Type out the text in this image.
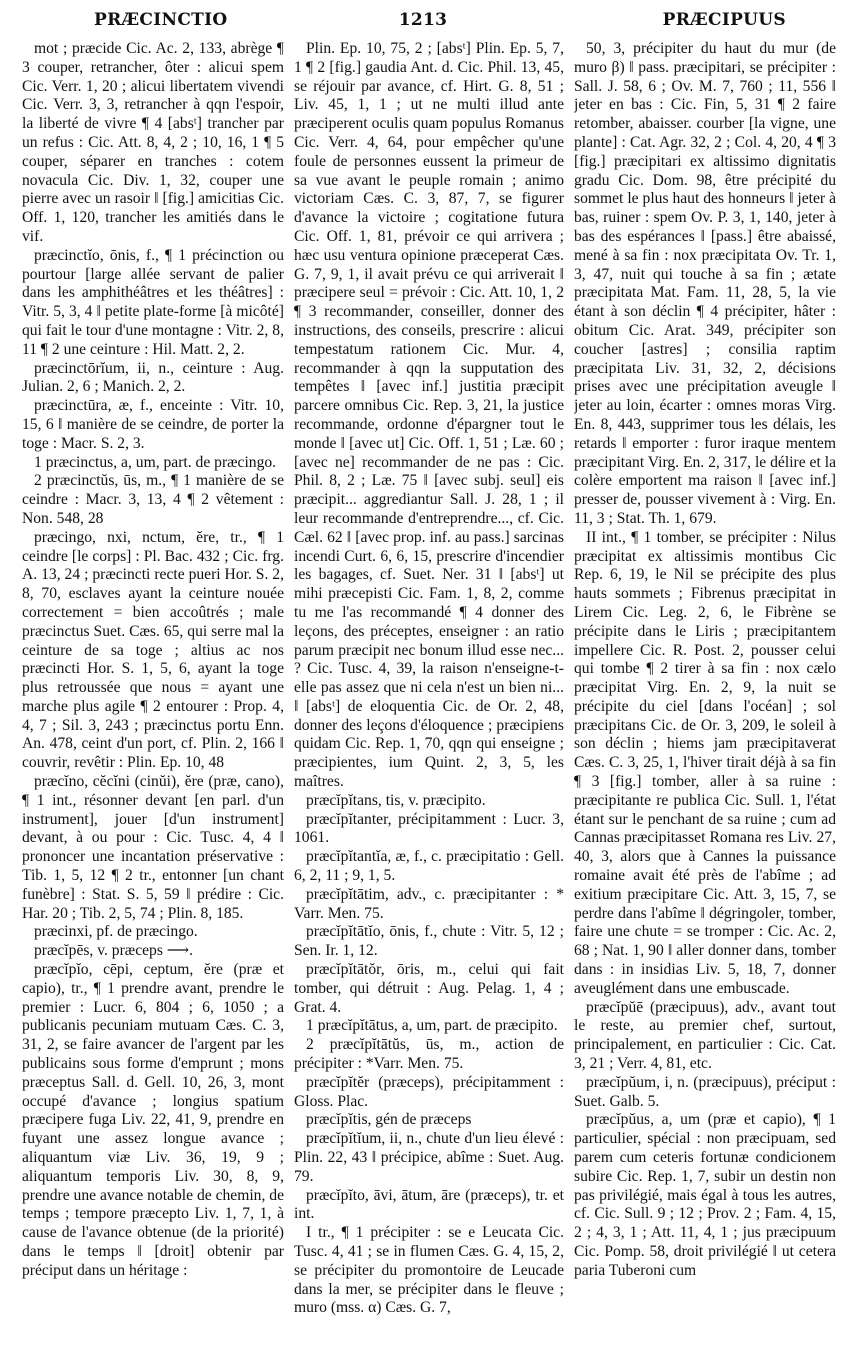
PRÆCINCTIO	1213	PRÆCIPUUS

mot ; præcide Cic. Ac. 2, 133, abrège ¶ 3 couper, retrancher, ôter : alicui spem Cic. Verr. 1, 20 ; alicui libertatem vivendi Cic. Verr. 3, 3, retrancher à qqn l'espoir, la liberté de vivre ¶ 4 [absᵗ] trancher par un refus : Cic. Att. 8, 4, 2 ; 10, 16, 1 ¶ 5 couper, séparer en tranches : cotem novacula Cic. Div. 1, 32, couper une pierre avec un rasoir ‖ [fig.] amicitias Cic. Off. 1, 120, trancher les amitiés dans le vif.

præcinctĭo, ōnis, f., ¶ 1 précinction ou pourtour [large allée servant de palier dans les amphithéâtres et les théâtres] : Vitr. 5, 3, 4 ‖ petite plate-forme [à micôté] qui fait le tour d'une montagne : Vitr. 2, 8, 11 ¶ 2 une ceinture : Hil. Matt. 2, 2.

præcinctōrĭum, ii, n., ceinture : Aug. Julian. 2, 6 ; Manich. 2, 2.

præcinctūra, æ, f., enceinte : Vitr. 10, 15, 6 ‖ manière de se ceindre, de porter la toge : Macr. S. 2, 3.

1 præcinctus, a, um, part. de præcingo.

2 præcinctŭs, ūs, m., ¶ 1 manière de se ceindre : Macr. 3, 13, 4 ¶ 2 vêtement : Non. 548, 28

præcingo, nxi, nctum, ĕre, tr., ¶ 1 ceindre [le corps] : Pl. Bac. 432 ; Cic. frg. A. 13, 24 ; præcincti recte pueri Hor. S. 2, 8, 70, esclaves ayant la ceinture nouée correctement = bien accoûtrés ; male præcinctus Suet. Cæs. 65, qui serre mal la ceinture de sa toge ; altius ac nos præcincti Hor. S. 1, 5, 6, ayant la toge plus retroussée que nous = ayant une marche plus agile ¶ 2 entourer : Prop. 4, 4, 7 ; Sil. 3, 243 ; præcinctus portu Enn. An. 478, ceint d'un port, cf. Plin. 2, 166 ‖ couvrir, revêtir : Plin. Ep. 10, 48

præcĭno, cĕcĭni (cinŭi), ĕre (præ, cano), ¶ 1 int., résonner devant [en parl. d'un instrument], jouer [d'un instrument] devant, à ou pour : Cic. Tusc. 4, 4 ‖ prononcer une incantation préservative : Tib. 1, 5, 12 ¶ 2 tr., entonner [un chant funèbre] : Stat. S. 5, 59 ‖ prédire : Cic. Har. 20 ; Tib. 2, 5, 74 ; Plin. 8, 185.

præcinxi, pf. de præcingo.

præcĭpēs, v. præceps ⟶.

præcĭpĭo, cēpi, ceptum, ĕre (præ et capio), tr., ¶ 1 prendre avant, prendre le premier : Lucr. 6, 804 ; 6, 1050 ; a publicanis pecuniam mutuam Cæs. C. 3, 31, 2, se faire avancer de l'argent par les publicains sous forme d'emprunt ; mons præceptus Sall. d. Gell. 10, 26, 3, mont occupé d'avance ; longius spatium præcipere fuga Liv. 22, 41, 9, prendre en fuyant une assez longue avance ; aliquantum viæ Liv. 36, 19, 9 ; aliquantum temporis Liv. 30, 8, 9, prendre une avance notable de chemin, de temps ; tempore præcepto Liv. 1, 7, 1, à cause de l'avance obtenue (de la priorité) dans le temps ‖ [droit] obtenir par préciput dans un héritage :

Plin. Ep. 10, 75, 2 ; [absᵗ] Plin. Ep. 5, 7, 1 ¶ 2 [fig.] gaudia Ant. d. Cic. Phil. 13, 45, se réjouir par avance, cf. Hirt. G. 8, 51 ; Liv. 45, 1, 1 ; ut ne multi illud ante præciperent oculis quam populus Romanus Cic. Verr. 4, 64, pour empêcher qu'une foule de personnes eussent la primeur de sa vue avant le peuple romain ; animo victoriam Cæs. C. 3, 87, 7, se figurer d'avance la victoire ; cogitatione futura Cic. Off. 1, 81, prévoir ce qui arrivera ; hæc usu ventura opinione præceperat Cæs. G. 7, 9, 1, il avait prévu ce qui arriverait ‖ præcipere seul = prévoir : Cic. Att. 10, 1, 2 ¶ 3 recommander, conseiller, donner des instructions, des conseils, prescrire : alicui tempestatum rationem Cic. Mur. 4, recommander à qqn la supputation des tempêtes ‖ [avec inf.] justitia præcipit parcere omnibus Cic. Rep. 3, 21, la justice recommande, ordonne d'épargner tout le monde ‖ [avec ut] Cic. Off. 1, 51 ; Læ. 60 ; [avec ne] recommander de ne pas : Cic. Phil. 8, 2 ; Læ. 75 ‖ [avec subj. seul] eis præcipit... aggrediantur Sall. J. 28, 1 ; il leur recommande d'entreprendre..., cf. Cic. Cæl. 62 ‖ [avec prop. inf. au pass.] sarcinas incendi Curt. 6, 6, 15, prescrire d'incendier les bagages, cf. Suet. Ner. 31 ‖ [absᵗ] ut mihi præcepisti Cic. Fam. 1, 8, 2, comme tu me l'as recommandé ¶ 4 donner des leçons, des préceptes, enseigner : an ratio parum præcipit nec bonum illud esse nec... ? Cic. Tusc. 4, 39, la raison n'enseigne-t-elle pas assez que ni cela n'est un bien ni... ‖ [absᵗ] de eloquentia Cic. de Or. 2, 48, donner des leçons d'éloquence ; præcipiens quidam Cic. Rep. 1, 70, qqn qui enseigne ; præcipientes, ium Quint. 2, 3, 5, les maîtres.

præcĭpĭtans, tis, v. præcipito.

præcĭpĭtanter, précipitamment : Lucr. 3, 1061.

præcĭpĭtantĭa, æ, f., c. præcipitatio : Gell. 6, 2, 11 ; 9, 1, 5.

præcĭpĭtātim, adv., c. præcipitanter : * Varr. Men. 75.

præcĭpĭtātĭo, ōnis, f., chute : Vitr. 5, 12 ; Sen. Ir. 1, 12.

præcĭpĭtātŏr, ōris, m., celui qui fait tomber, qui détruit : Aug. Pelag. 1, 4 ; Grat. 4.

1 præcĭpĭtātus, a, um, part. de præcipito.

2 præcĭpĭtātŭs, ūs, m., action de précipiter : *Varr. Men. 75.

præcĭpĭtĕr (præceps), précipitamment : Gloss. Plac.

præcĭpĭtis, gén de præceps

præcĭpĭtĭum, ii, n., chute d'un lieu élevé : Plin. 22, 43 ‖ précipice, abîme : Suet. Aug. 79.

præcĭpĭto, āvi, ātum, āre (præceps), tr. et int.

I tr., ¶ 1 précipiter : se e Leucata Cic. Tusc. 4, 41 ; se in flumen Cæs. G. 4, 15, 2, se précipiter du promontoire de Leucade dans la mer, se précipiter dans le fleuve ; muro (mss. α) Cæs. G. 7,

50, 3, précipiter du haut du mur (de muro β) ‖ pass. præcipitari, se précipiter : Sall. J. 58, 6 ; Ov. M. 7, 760 ; 11, 556 ‖ jeter en bas : Cic. Fin, 5, 31 ¶ 2 faire retomber, abaisser. courber [la vigne, une plante] : Cat. Agr. 32, 2 ; Col. 4, 20, 4 ¶ 3 [fig.] præcipitari ex altissimo dignitatis gradu Cic. Dom. 98, être précipité du sommet le plus haut des honneurs ‖ jeter à bas, ruiner : spem Ov. P. 3, 1, 140, jeter à bas des espérances ‖ [pass.] être abaissé, mené à sa fin : nox præcipitata Ov. Tr. 1, 3, 47, nuit qui touche à sa fin ; ætate præcipitata Mat. Fam. 11, 28, 5, la vie étant à son déclin ¶ 4 précipiter, hâter : obitum Cic. Arat. 349, précipiter son coucher [astres] ; consilia raptim præcipitata Liv. 31, 32, 2, décisions prises avec une précipitation aveugle ‖ jeter au loin, écarter : omnes moras Virg. En. 8, 443, supprimer tous les délais, les retards ‖ emporter : furor iraque mentem præcipitant Virg. En. 2, 317, le délire et la colère emportent ma raison ‖ [avec inf.] presser de, pousser vivement à : Virg. En. 11, 3 ; Stat. Th. 1, 679.

II int., ¶ 1 tomber, se précipiter : Nilus præcipitat ex altissimis montibus Cic Rep. 6, 19, le Nil se précipite des plus hauts sommets ; Fibrenus præcipitat in Lirem Cic. Leg. 2, 6, le Fibrène se précipite dans le Liris ; præcipitantem impellere Cic. R. Post. 2, pousser celui qui tombe ¶ 2 tirer à sa fin : nox cælo præcipitat Virg. En. 2, 9, la nuit se précipite du ciel [dans l'océan] ; sol præcipitans Cic. de Or. 3, 209, le soleil à son déclin ; hiems jam præcipitaverat Cæs. C. 3, 25, 1, l'hiver tirait déjà à sa fin ¶ 3 [fig.] tomber, aller à sa ruine : præcipitante re publica Cic. Sull. 1, l'état étant sur le penchant de sa ruine ; cum ad Cannas præcipitasset Romana res Liv. 27, 40, 3, alors que à Cannes la puissance romaine avait été près de l'abîme ; ad exitium præcipitare Cic. Att. 3, 15, 7, se perdre dans l'abîme ‖ dégringoler, tomber, faire une chute = se tromper : Cic. Ac. 2, 68 ; Nat. 1, 90 ‖ aller donner dans, tomber dans : in insidias Liv. 5, 18, 7, donner aveuglément dans une embuscade.

præcĭpŭē (præcipuus), adv., avant tout le reste, au premier chef, surtout, principalement, en particulier : Cic. Cat. 3, 21 ; Verr. 4, 81, etc.

præcĭpŭum, i, n. (præcipuus), préciput : Suet. Galb. 5.

præcĭpŭus, a, um (præ et capio), ¶ 1 particulier, spécial : non præcipuam, sed parem cum ceteris fortunæ condicionem subire Cic. Rep. 1, 7, subir un destin non pas privilégié, mais égal à tous les autres, cf. Cic. Sull. 9 ; 12 ; Prov. 2 ; Fam. 4, 15, 2 ; 4, 3, 1 ; Att. 11, 4, 1 ; jus præcipuum Cic. Pomp. 58, droit privilégié ‖ ut cetera paria Tuberoni cum
